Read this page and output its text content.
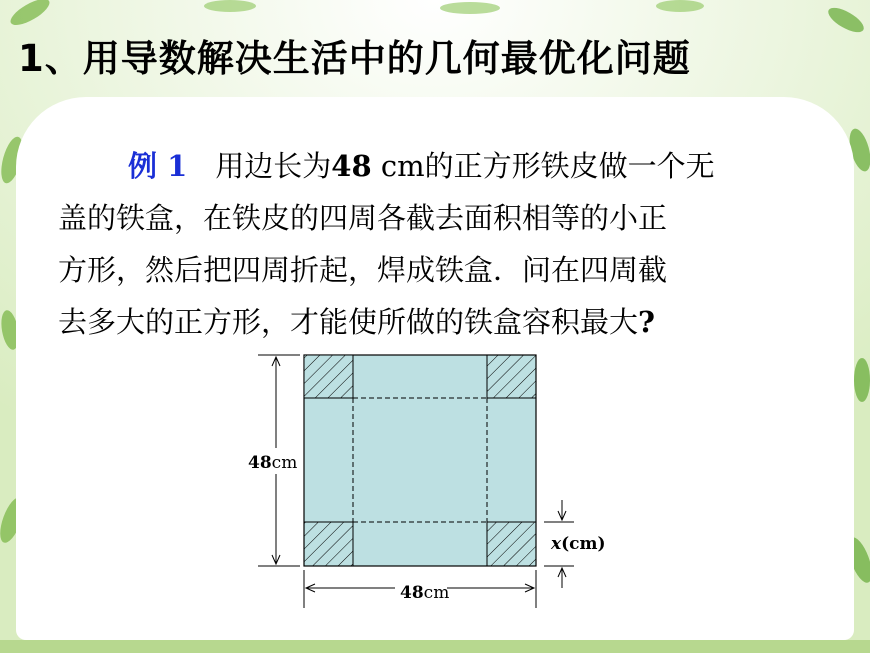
1、用导数解决生活中的几何最优化问题
例 1 用边长为48 cm的正方形铁皮做一个无
盖的铁盒，在铁皮的四周各截去面积相等的小正
方形，然后把四周折起，焊成铁盒．问在四周截
去多大的正方形，才能使所做的铁盒容积最大?
48cm
48cm
x(cm)
